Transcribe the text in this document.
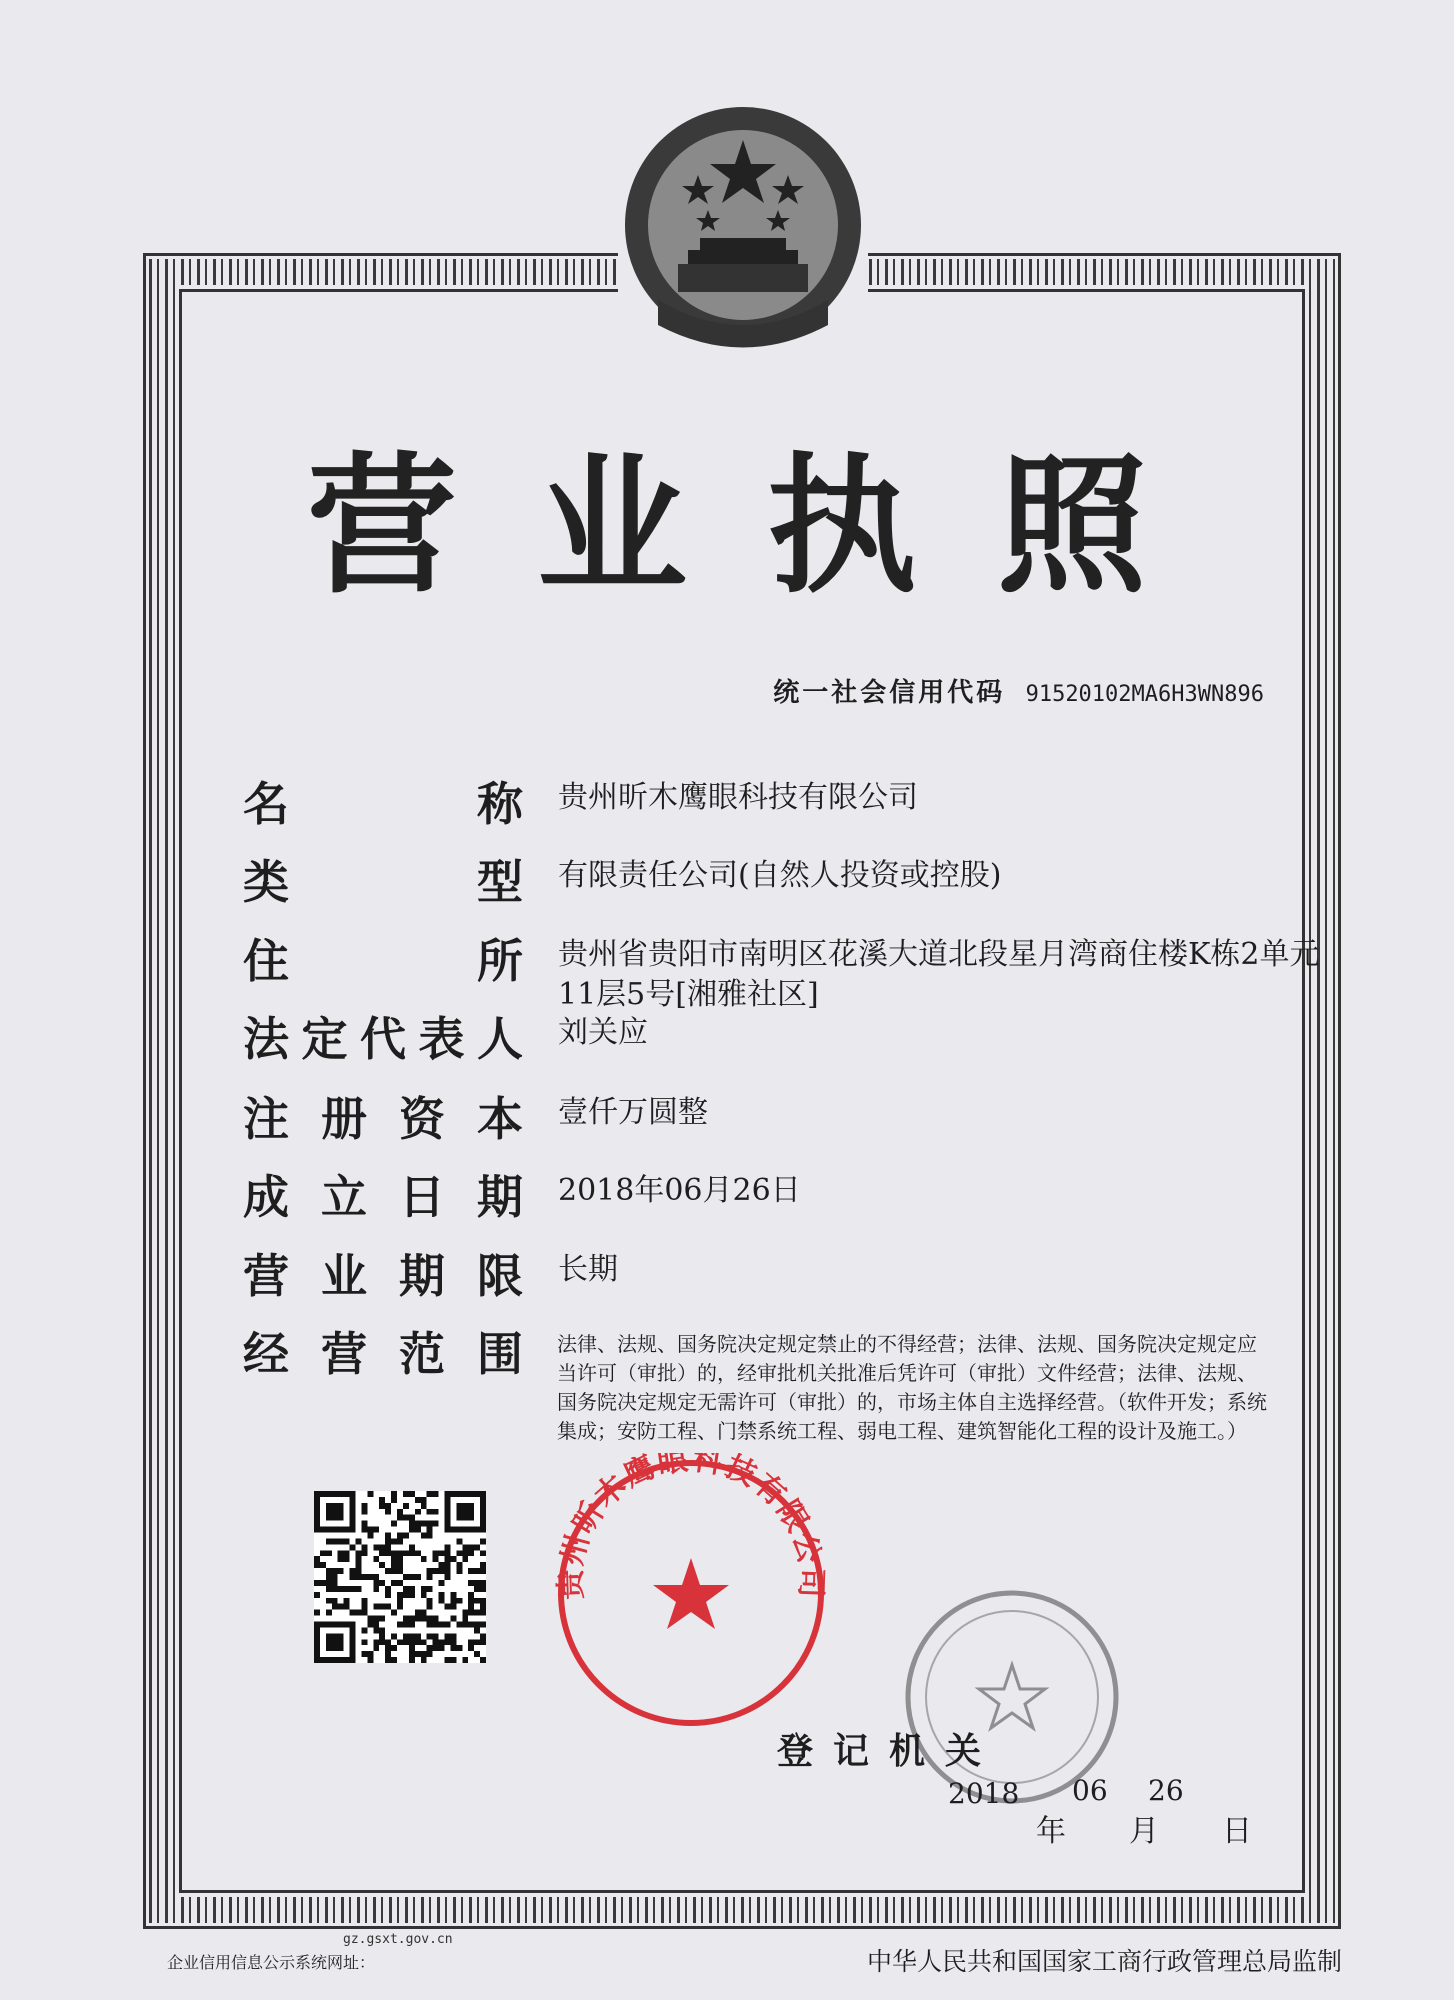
营业执照
统一社会信用代码 91520102MA6H3WN896
名	称 贵州昕木鹰眼科技有限公司
类	型 有限责任公司(自然人投资或控股)
住	所 贵州省贵阳市南明区花溪大道北段星月湾商住楼K栋2单元11层5号[湘雅社区]
法 定 代 表 人 刘关应
注 册 资 本 壹仟万圆整
成 立 日 期 2018年06月26日
营 业 期 限 长期
经 营 范 围 法律、法规、国务院决定规定禁止的不得经营；法律、法规、国务院决定规定应当许可（审批）的，经审批机关批准后凭许可（审批）文件经营；法律、法规、国务院决定规定无需许可（审批）的，市场主体自主选择经营。（软件开发；系统集成；安防工程、门禁系统工程、弱电工程、建筑智能化工程的设计及施工。）
贵州昕木鹰眼科技有限公司
登记机关
2018 06 26
年 月 日
gz.gsxt.gov.cn
企业信用信息公示系统网址：	中华人民共和国国家工商行政管理总局监制
